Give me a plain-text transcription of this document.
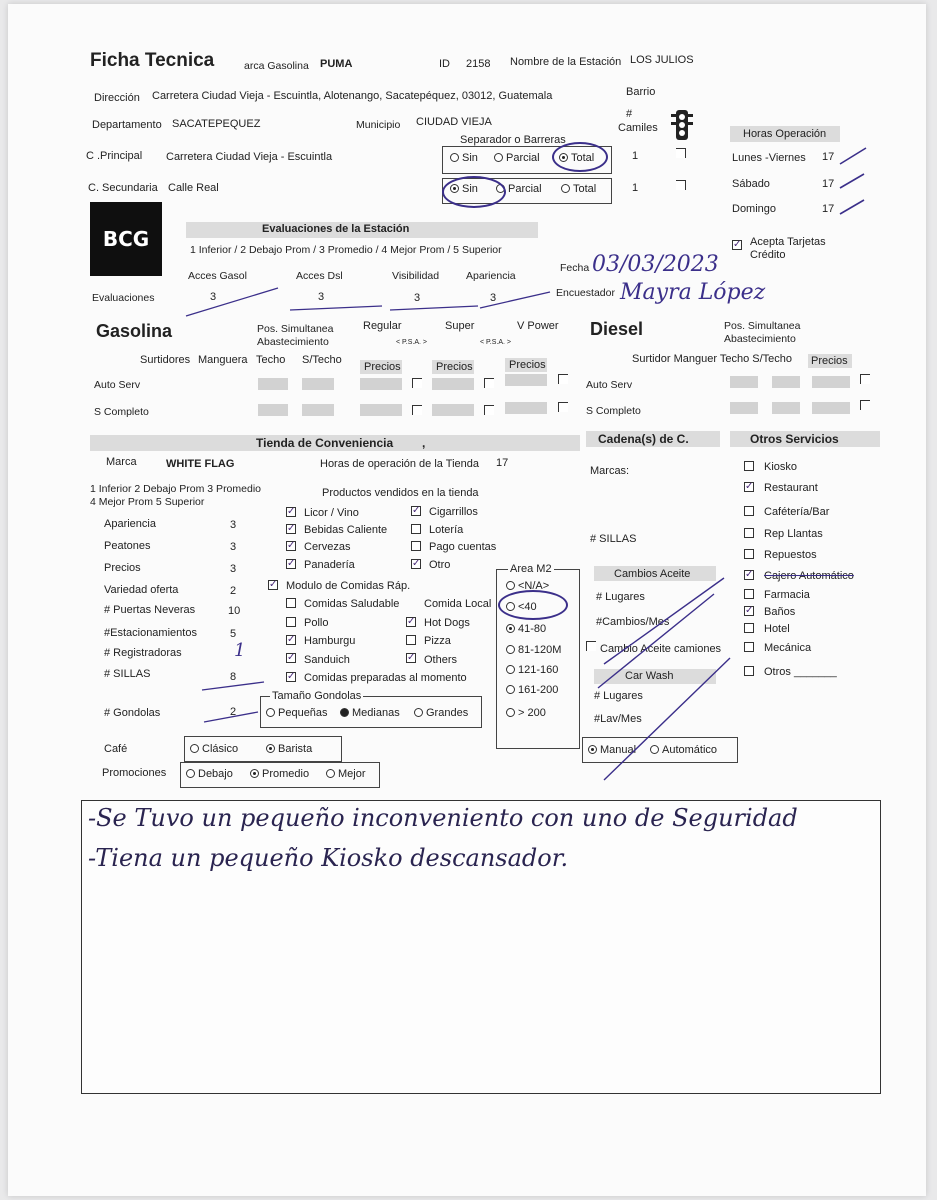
Ficha Tecnica	arca Gasolina PUMA	ID 2158 Nombre de la Estación LOS JULIOS
Dirección Carretera Ciudad Vieja - Escuintla, Alotenango, Sacatepéquez, 03012, Guatemala	Barrio
Departamento SACATEPEQUEZ	Municipio CIUDAD VIEJA
#
Camiles
C .Principal Carretera Ciudad Vieja - Escuintla
C. Secundaria Calle Real
Separador o Barreras
Sin	Parcial	Total
Sin	Parcial	Total
1
1
Horas Operación
Lunes -Viernes 17
Sábado	17
Domingo	17
✓ Acepta Tarjetas Crédito
BCG	Evaluaciones de la Estación
1 Inferior / 2 Debajo Prom / 3 Promedio / 4 Mejor Prom / 5 Superior
Acces Gasol	Acces Dsl	Visibilidad	Apariencia
Evaluaciones	3	3	3	3
Fecha 03/03/2023
Encuestador Mayra López
Gasolina	Pos. Simultanea
Abastecimiento
Regular	Super	V Power
< P.S.A. >	< P.S.A. >
Surtidores Manguera Techo S/Techo
Precios	Precios	Precios
Auto Serv
S Completo
Diesel	Pos. Simultanea
Abastecimiento
Surtidor Manguer Techo S/Techo Precios
Auto Serv
S Completo
Tienda de Conveniencia ,	Cadena(s) de C.	Otros Servicios
Marca	WHITE FLAG	Horas de operación de la Tienda 17
1 Inferior 2 Debajo Prom 3 Promedio
4 Mejor Prom 5 Superior
Productos vendidos en la tienda
Apariencia	3
Peatones	3
Precios	3
Variedad oferta	2
# Puertas Neveras	10
#Estacionamientos	5
# Registradoras	1
# SILLAS	8
# Gondolas	2
✓ Licor / Vino
✓ Bebidas Caliente
✓ Cervezas
✓ Panadería
✓ Cigarrillos
Lotería
Pago cuentas
✓ Otro
✓ Modulo de Comidas Ráp.
Comida Local
Comidas Saludable
Pollo
✓ Hamburgu
✓ Sanduich
✓ Comidas preparadas al momento
✓ Hot Dogs
Pizza
✓ Others
Tamaño Gondolas
Pequeñas	Medianas	Grandes
Café	Clásico	Barista
Promociones	Debajo	Promedio	Mejor
Area M2
<N/A>
<40
41-80
81-120M
121-160
161-200
> 200
Marcas:
# SILLAS
Cambios Aceite
# Lugares
#Cambios/Mes
Cambio Aceite camiones
Car Wash
# Lugares
#Lav/Mes
Manual	Automático
Kiosko
✓ Restaurant
Cafétería/Bar
Rep Llantas
Repuestos
✓ Cajero Automático
Farmacia
✓ Baños
Hotel
Mecánica
Otros _______
-Se Tuvo un pequeño inconveniento con uno de Seguridad
-Tiena un pequeño Kiosko descansador.
